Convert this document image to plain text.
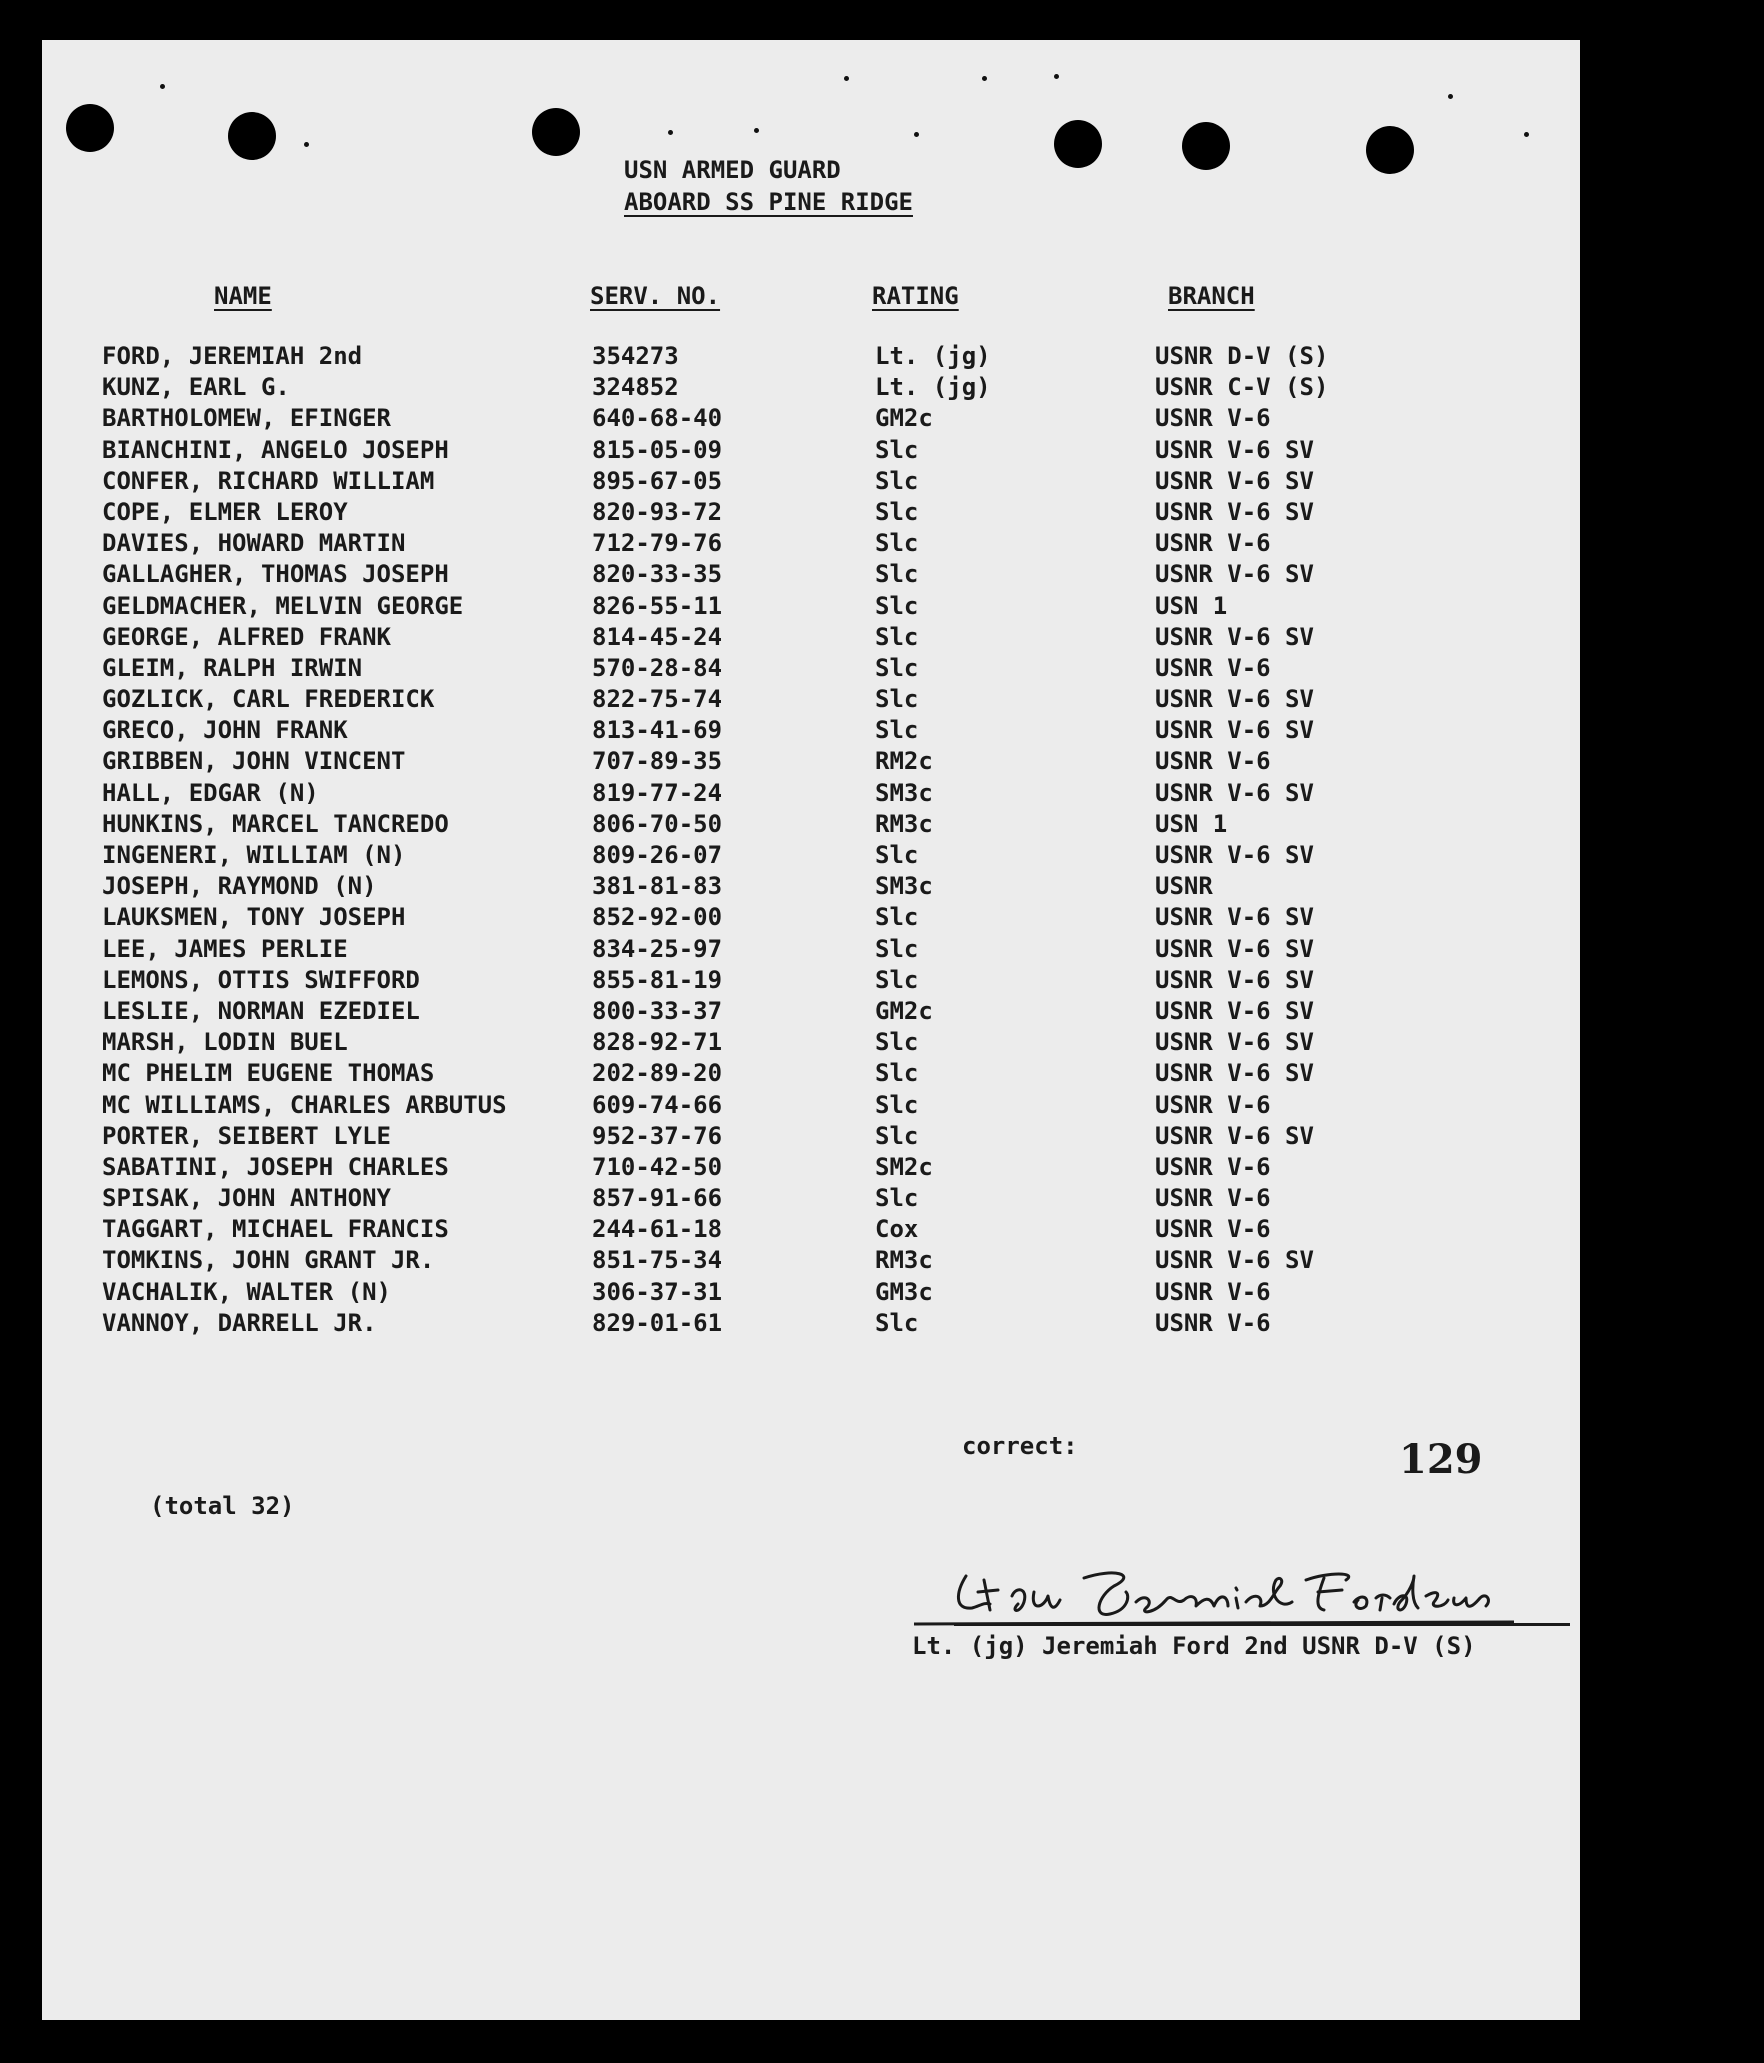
USN ARMED GUARD
ABOARD SS PINE RIDGE
NAME	SERV. NO.	RATING	BRANCH
FORD, JEREMIAH 2nd	354273	Lt. (jg)	USNR D-V (S)
KUNZ, EARL G.	324852	Lt. (jg)	USNR C-V (S)
BARTHOLOMEW, EFINGER	640-68-40	GM2c	USNR V-6
BIANCHINI, ANGELO JOSEPH	815-05-09	Slc	USNR V-6 SV
CONFER, RICHARD WILLIAM	895-67-05	Slc	USNR V-6 SV
COPE, ELMER LEROY	820-93-72	Slc	USNR V-6 SV
DAVIES, HOWARD MARTIN	712-79-76	Slc	USNR V-6
GALLAGHER, THOMAS JOSEPH	820-33-35	Slc	USNR V-6 SV
GELDMACHER, MELVIN GEORGE	826-55-11	Slc	USN 1
GEORGE, ALFRED FRANK	814-45-24	Slc	USNR V-6 SV
GLEIM, RALPH IRWIN	570-28-84	Slc	USNR V-6
GOZLICK, CARL FREDERICK	822-75-74	Slc	USNR V-6 SV
GRECO, JOHN FRANK	813-41-69	Slc	USNR V-6 SV
GRIBBEN, JOHN VINCENT	707-89-35	RM2c	USNR V-6
HALL, EDGAR (N)	819-77-24	SM3c	USNR V-6 SV
HUNKINS, MARCEL TANCREDO	806-70-50	RM3c	USN 1
INGENERI, WILLIAM (N)	809-26-07	Slc	USNR V-6 SV
JOSEPH, RAYMOND (N)	381-81-83	SM3c	USNR
LAUKSMEN, TONY JOSEPH	852-92-00	Slc	USNR V-6 SV
LEE, JAMES PERLIE	834-25-97	Slc	USNR V-6 SV
LEMONS, OTTIS SWIFFORD	855-81-19	Slc	USNR V-6 SV
LESLIE, NORMAN EZEDIEL	800-33-37	GM2c	USNR V-6 SV
MARSH, LODIN BUEL	828-92-71	Slc	USNR V-6 SV
MC PHELIM EUGENE THOMAS	202-89-20	Slc	USNR V-6 SV
MC WILLIAMS, CHARLES ARBUTUS	609-74-66	Slc	USNR V-6
PORTER, SEIBERT LYLE	952-37-76	Slc	USNR V-6 SV
SABATINI, JOSEPH CHARLES	710-42-50	SM2c	USNR V-6
SPISAK, JOHN ANTHONY	857-91-66	Slc	USNR V-6
TAGGART, MICHAEL FRANCIS	244-61-18	Cox	USNR V-6
TOMKINS, JOHN GRANT JR.	851-75-34	RM3c	USNR V-6 SV
VACHALIK, WALTER (N)	306-37-31	GM3c	USNR V-6
VANNOY, DARRELL JR.	829-01-61	Slc	USNR V-6
correct:	129
(total 32)
Lt. (jg) Jeremiah Ford 2nd USNR D-V (S)
